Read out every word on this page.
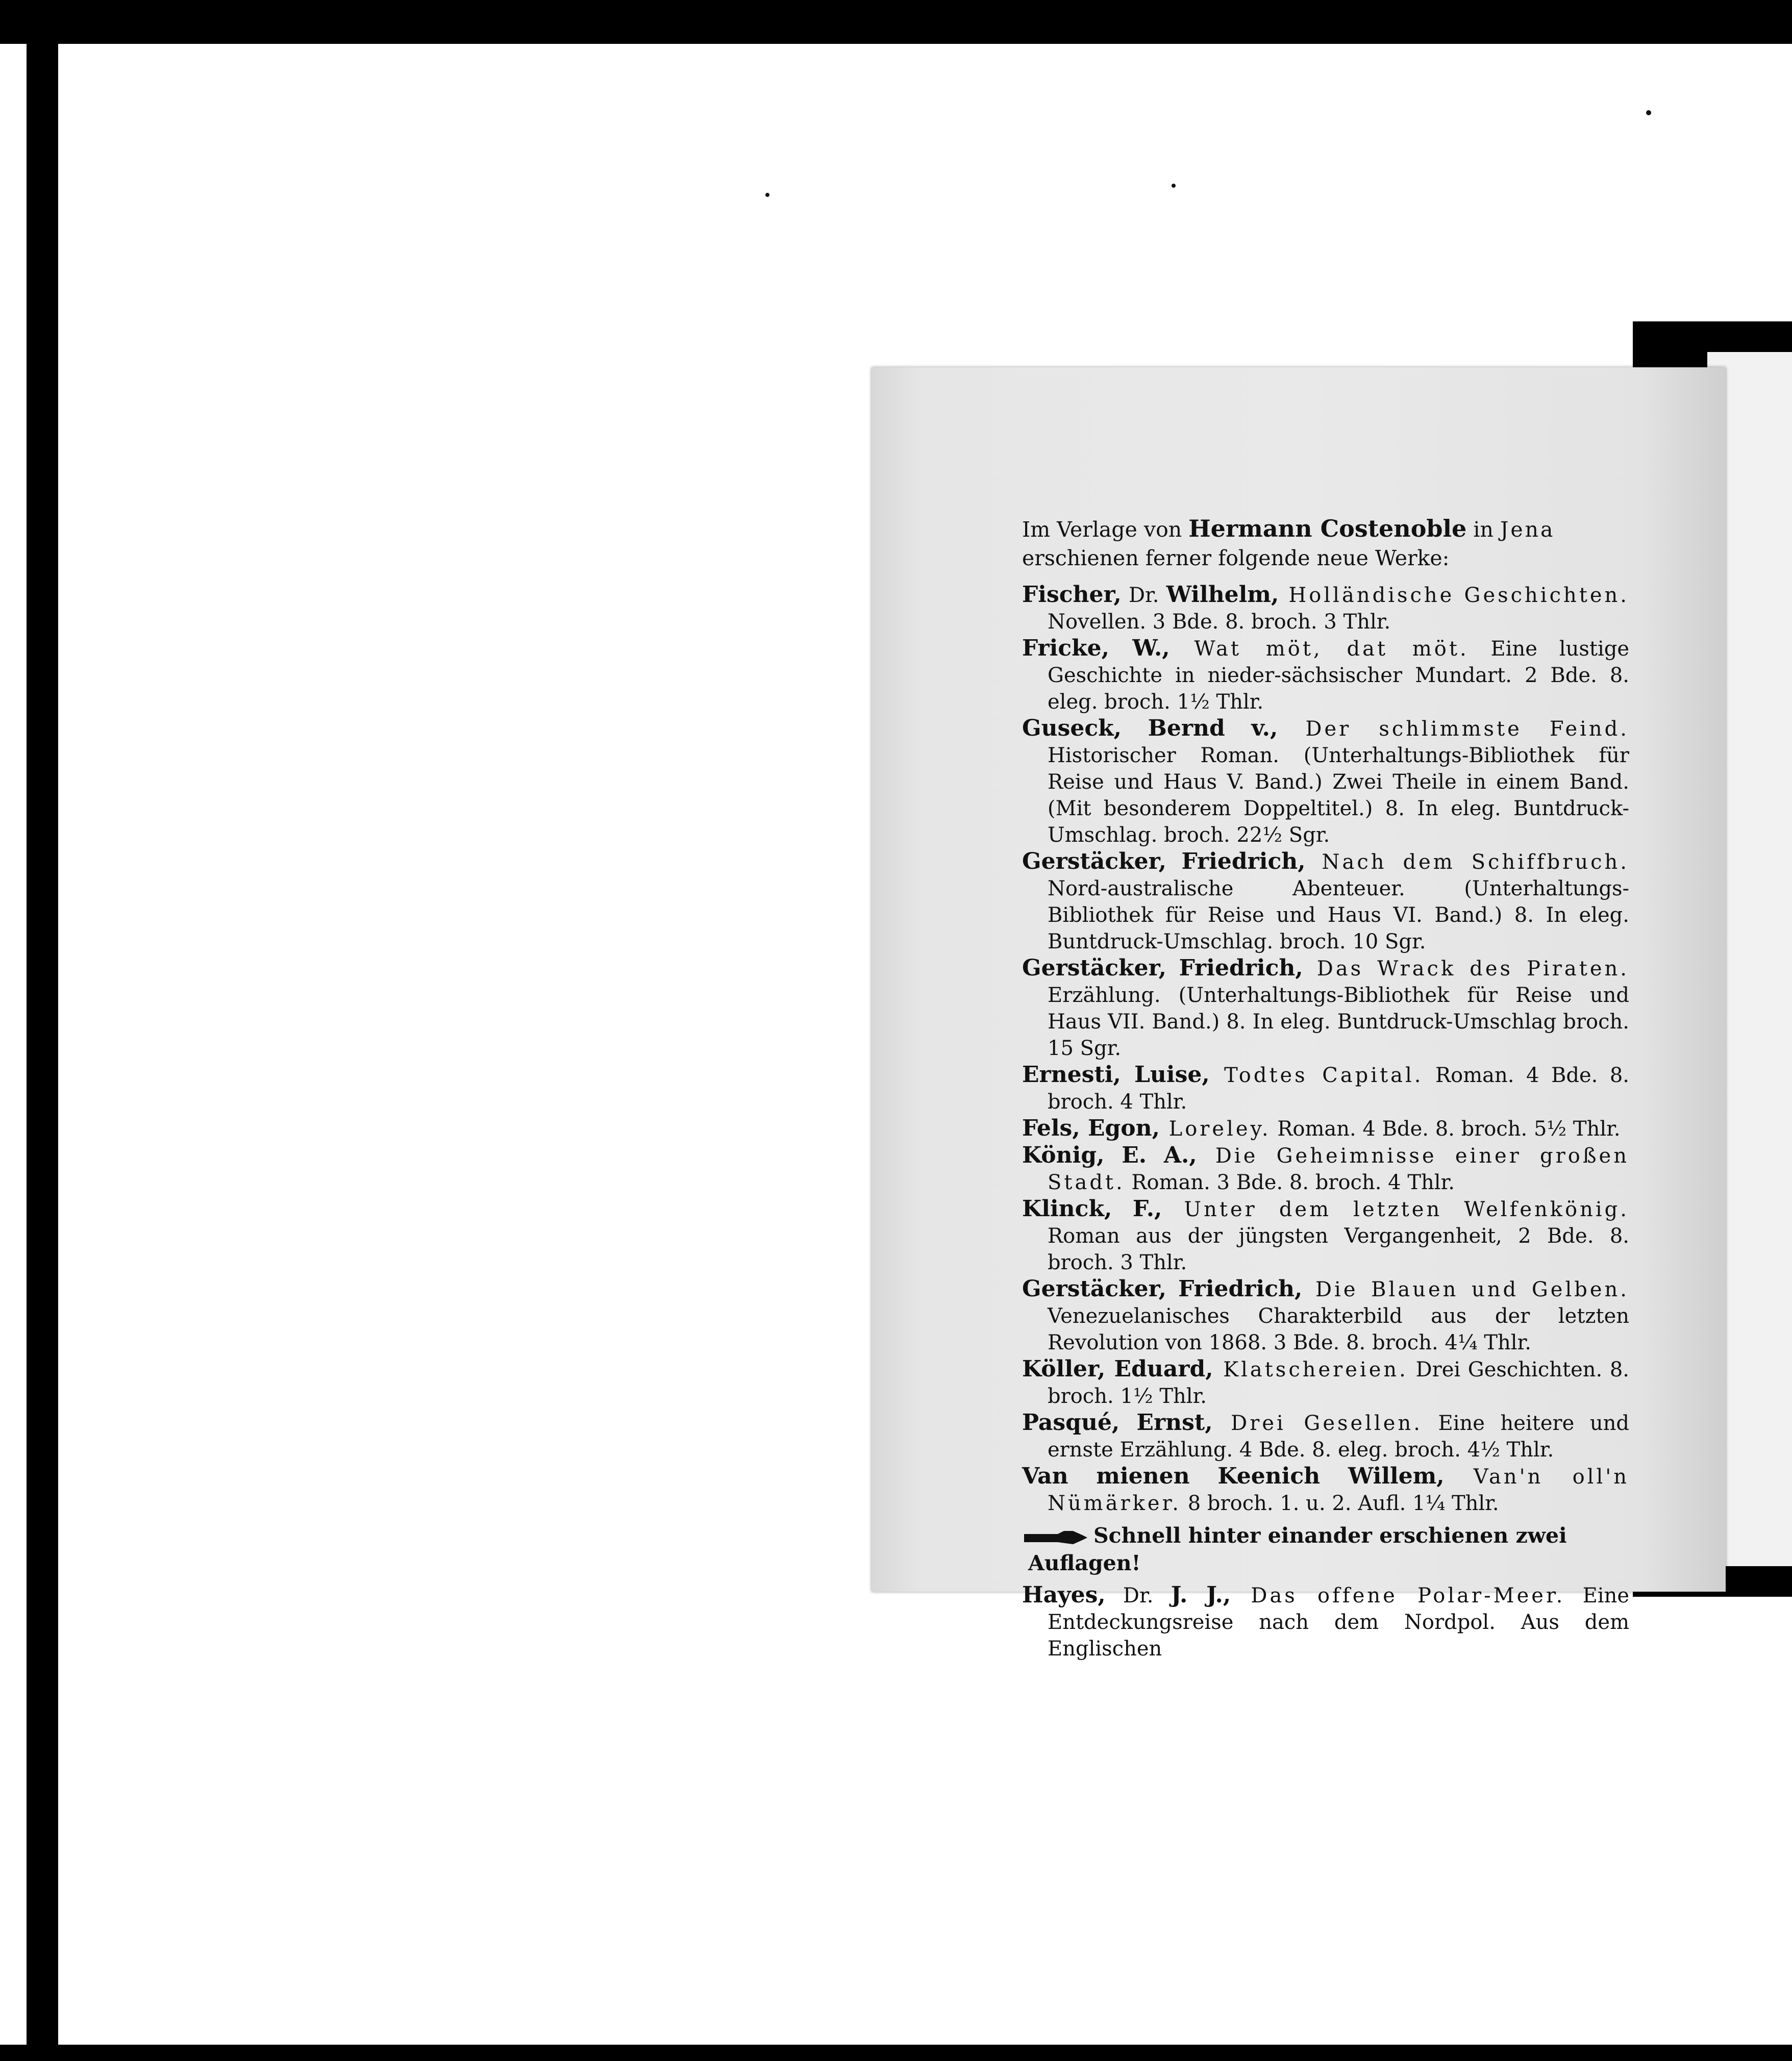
Im Verlage von Hermann Costenoble in Jena erschienen ferner folgende neue Werke:

Fischer, Dr. Wilhelm, Holländische Geschichten. Novellen. 3 Bde. 8. broch. 3 Thlr.

Fricke, W., Wat möt, dat möt. Eine lustige Geschichte in nieder-sächsischer Mundart. 2 Bde. 8. eleg. broch. 1½ Thlr.

Guseck, Bernd v., Der schlimmste Feind. Historischer Roman. (Unterhaltungs-Bibliothek für Reise und Haus V. Band.) Zwei Theile in einem Band. (Mit besonderem Doppeltitel.) 8. In eleg. Buntdruck-Umschlag. broch. 22½ Sgr.

Gerstäcker, Friedrich, Nach dem Schiffbruch. Nord-australische Abenteuer. (Unterhaltungs-Bibliothek für Reise und Haus VI. Band.) 8. In eleg. Buntdruck-Umschlag. broch. 10 Sgr.

Gerstäcker, Friedrich, Das Wrack des Piraten. Erzählung. (Unterhaltungs-Bibliothek für Reise und Haus VII. Band.) 8. In eleg. Buntdruck-Umschlag broch. 15 Sgr.

Ernesti, Luise, Todtes Capital. Roman. 4 Bde. 8. broch. 4 Thlr.

Fels, Egon, Loreley. Roman. 4 Bde. 8. broch. 5½ Thlr.

König, E. A., Die Geheimnisse einer großen Stadt. Roman. 3 Bde. 8. broch. 4 Thlr.

Klinck, F., Unter dem letzten Welfenkönig. Roman aus der jüngsten Vergangenheit, 2 Bde. 8. broch. 3 Thlr.

Gerstäcker, Friedrich, Die Blauen und Gelben. Venezuelanisches Charakterbild aus der letzten Revolution von 1868. 3 Bde. 8. broch. 4¼ Thlr.

Köller, Eduard, Klatschereien. Drei Geschichten. 8. broch. 1½ Thlr.

Pasqué, Ernst, Drei Gesellen. Eine heitere und ernste Erzählung. 4 Bde. 8. eleg. broch. 4½ Thlr.

Van mienen Keenich Willem, Van'n oll'n Nümärker. 8 broch. 1. u. 2. Aufl. 1¼ Thlr.

Schnell hinter einander erschienen zwei Auflagen!

Hayes, Dr. J. J., Das offene Polar-Meer. Eine Entdeckungsreise nach dem Nordpol. Aus dem Englischen
